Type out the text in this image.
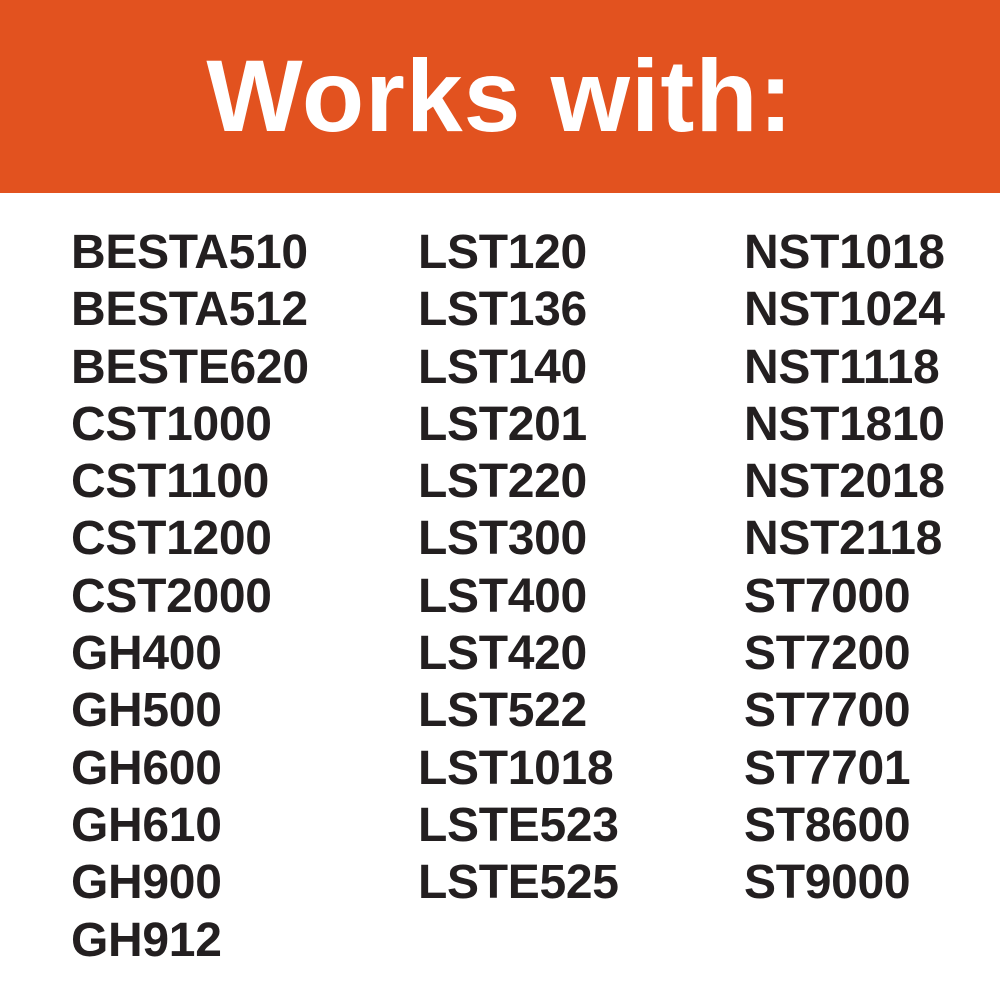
Works with:
BESTA510
BESTA512
BESTE620
CST1000
CST1100
CST1200
CST2000
GH400
GH500
GH600
GH610
GH900
GH912
LST120
LST136
LST140
LST201
LST220
LST300
LST400
LST420
LST522
LST1018
LSTE523
LSTE525
NST1018
NST1024
NST1118
NST1810
NST2018
NST2118
ST7000
ST7200
ST7700
ST7701
ST8600
ST9000
